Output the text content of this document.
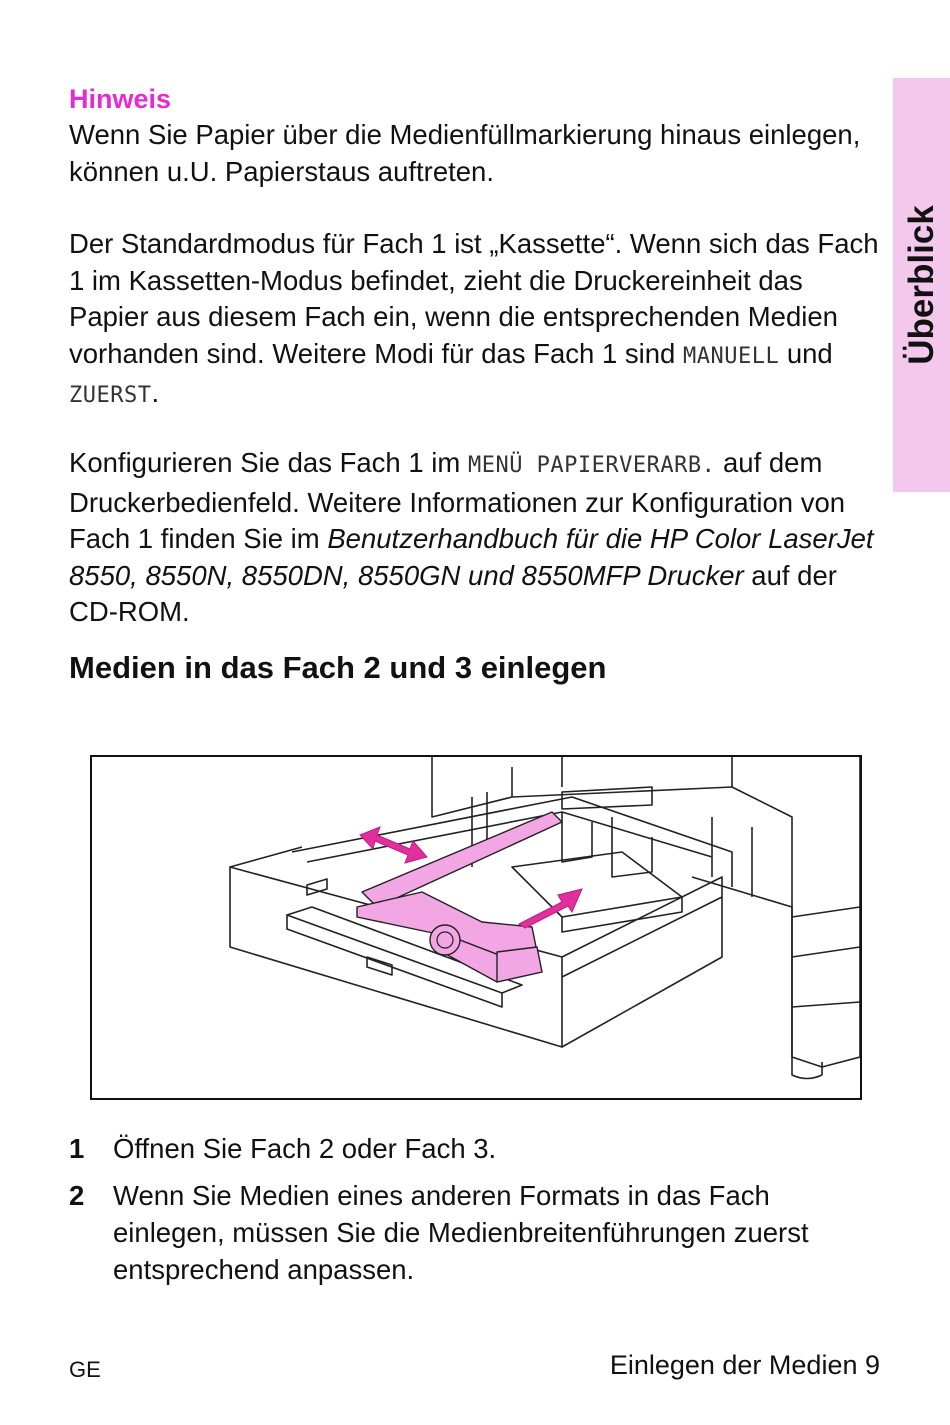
Überblick
Hinweis

Wenn Sie Papier über die Medienfüllmarkierung hinaus einlegen, können u.U. Papierstaus auftreten.

Der Standardmodus für Fach 1 ist „Kassette“. Wenn sich das Fach 1 im Kassetten-Modus befindet, zieht die Druckereinheit das Papier aus diesem Fach ein, wenn die entsprechenden Medien vorhanden sind. Weitere Modi für das Fach 1 sind MANUELL und ZUERST.

Konfigurieren Sie das Fach 1 im MENÜ PAPIERVERARB. auf dem Druckerbedienfeld. Weitere Informationen zur Konfiguration von Fach 1 finden Sie im Benutzerhandbuch für die HP Color LaserJet 8550, 8550N, 8550DN, 8550GN und 8550MFP Drucker auf der CD-ROM.

Medien in das Fach 2 und 3 einlegen
1 Öffnen Sie Fach 2 oder Fach 3.
2 Wenn Sie Medien eines anderen Formats in das Fach einlegen, müssen Sie die Medienbreitenführungen zuerst entsprechend anpassen.
GE	Einlegen der Medien 9
